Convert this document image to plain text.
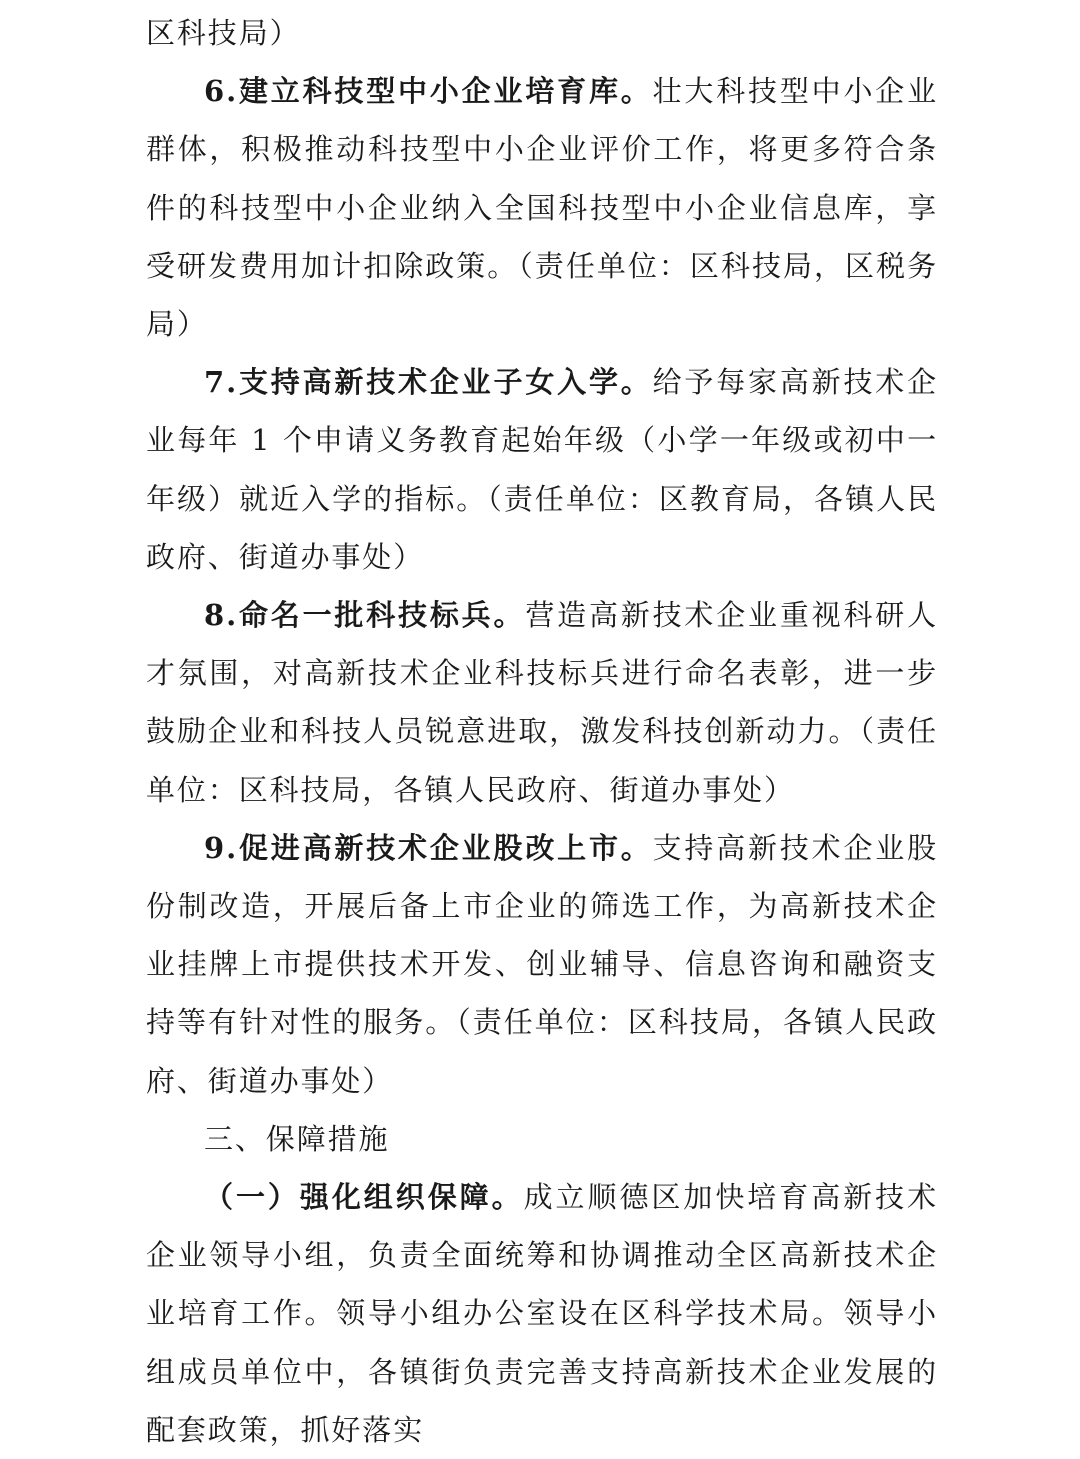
区科技局）

6.建立科技型中小企业培育库。壮大科技型中小企业群体，积极推动科技型中小企业评价工作，将更多符合条件的科技型中小企业纳入全国科技型中小企业信息库，享受研发费用加计扣除政策。（责任单位：区科技局，区税务局）

7.支持高新技术企业子女入学。给予每家高新技术企业每年 1 个申请义务教育起始年级（小学一年级或初中一年级）就近入学的指标。（责任单位：区教育局，各镇人民政府、街道办事处）

8.命名一批科技标兵。营造高新技术企业重视科研人才氛围，对高新技术企业科技标兵进行命名表彰，进一步鼓励企业和科技人员锐意进取，激发科技创新动力。（责任单位：区科技局，各镇人民政府、街道办事处）

9.促进高新技术企业股改上市。支持高新技术企业股份制改造，开展后备上市企业的筛选工作，为高新技术企业挂牌上市提供技术开发、创业辅导、信息咨询和融资支持等有针对性的服务。（责任单位：区科技局，各镇人民政府、街道办事处）

三、保障措施

（一）强化组织保障。成立顺德区加快培育高新技术企业领导小组，负责全面统筹和协调推动全区高新技术企业培育工作。领导小组办公室设在区科学技术局。领导小组成员单位中，各镇街负责完善支持高新技术企业发展的配套政策，抓好落实
